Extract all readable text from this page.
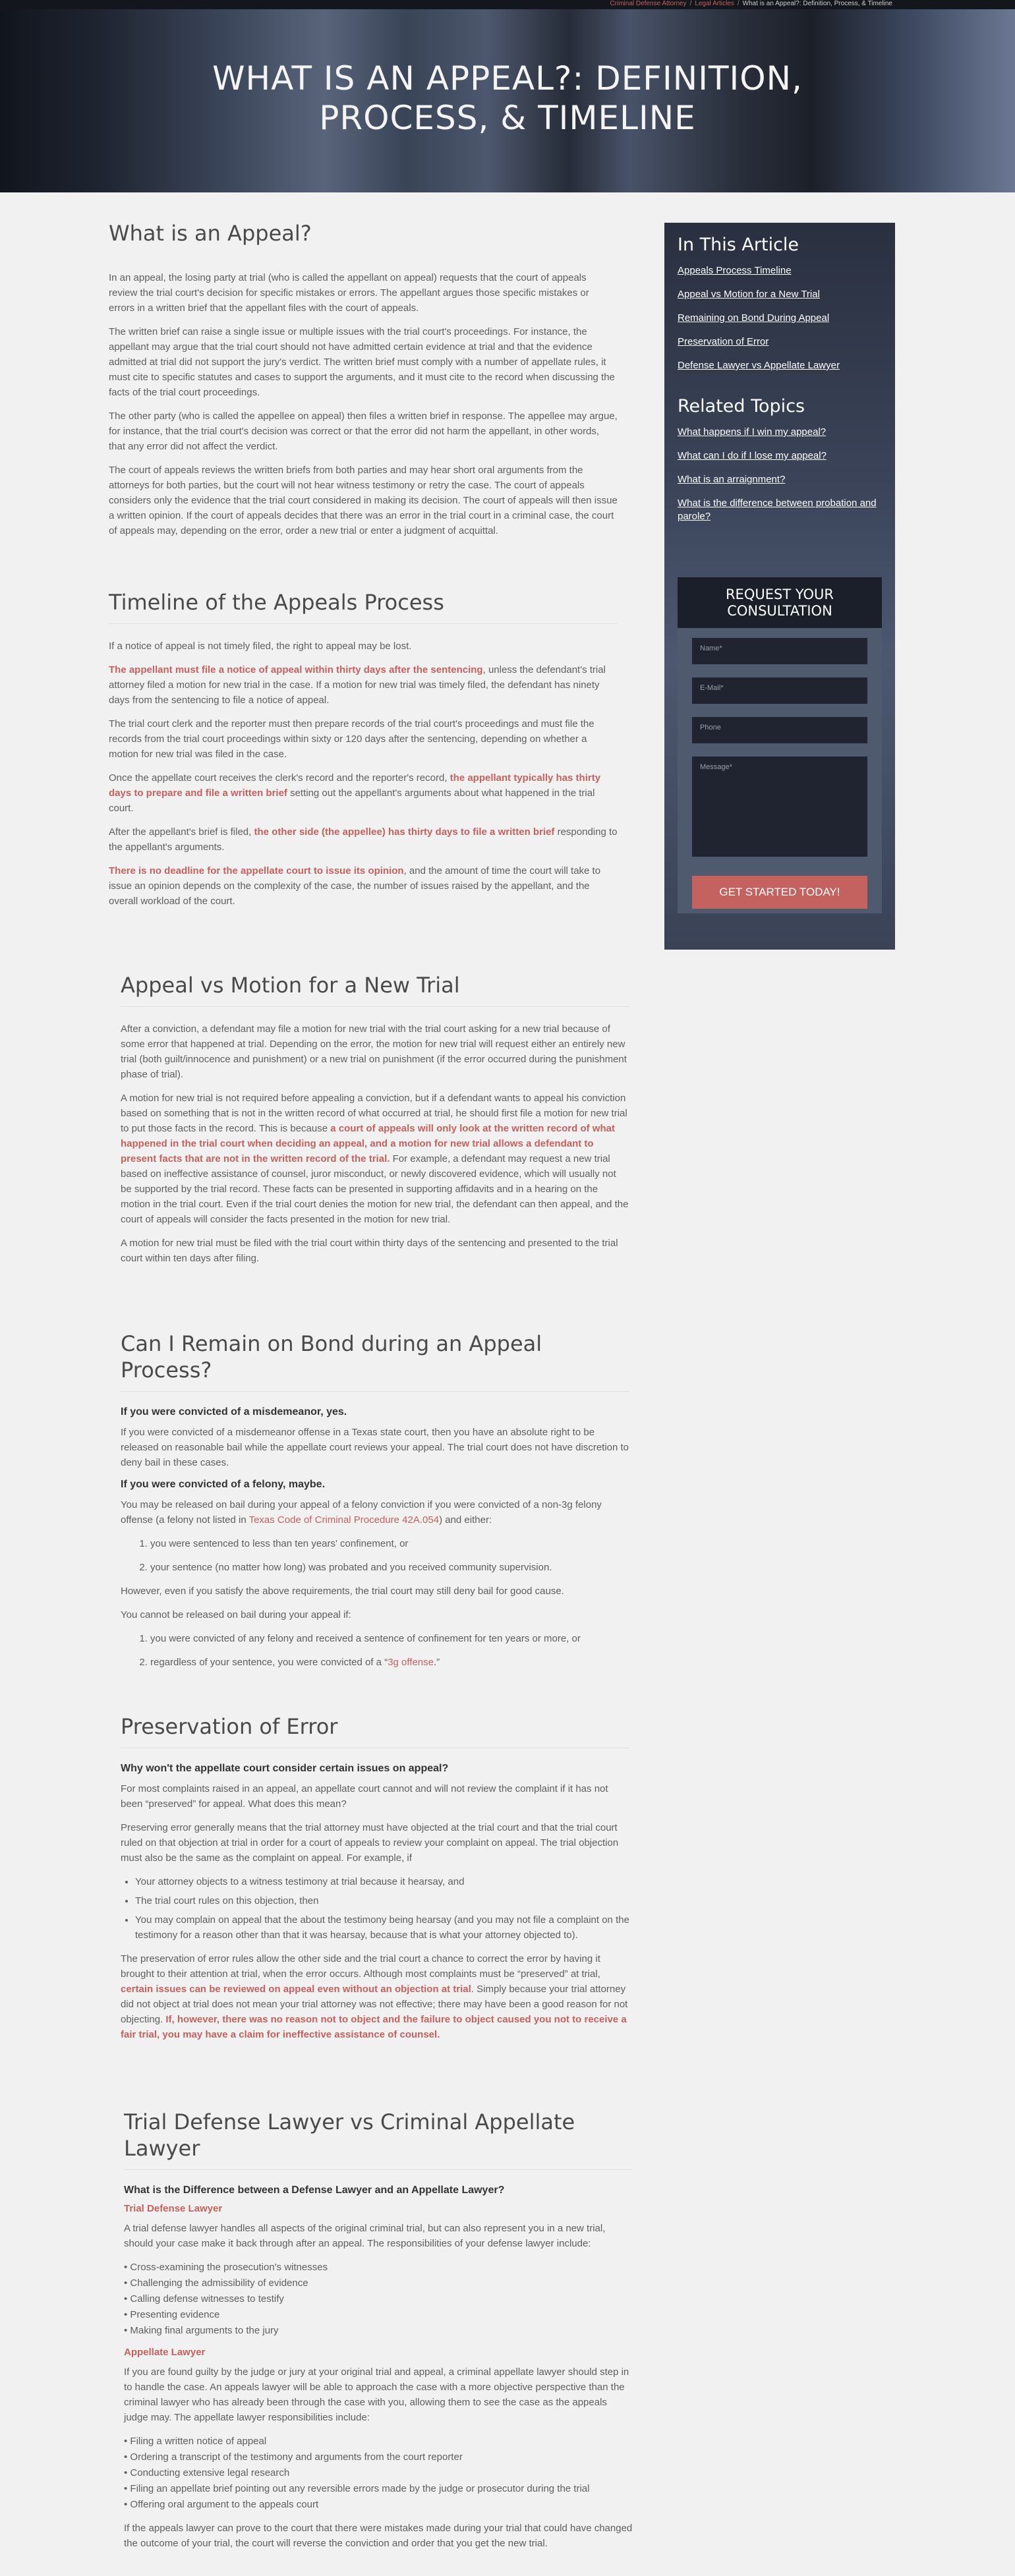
Criminal Defense Attorney / Legal Articles / What is an Appeal?: Definition, Process, & Timeline
WHAT IS AN APPEAL?: DEFINITION,
PROCESS, & TIMELINE
What is an Appeal?

In an appeal, the losing party at trial (who is called the appellant on appeal) requests that the court of appeals review the trial court's decision for specific mistakes or errors. The appellant argues those specific mistakes or errors in a written brief that the appellant files with the court of appeals.

The written brief can raise a single issue or multiple issues with the trial court's proceedings. For instance, the appellant may argue that the trial court should not have admitted certain evidence at trial and that the evidence admitted at trial did not support the jury's verdict. The written brief must comply with a number of appellate rules, it must cite to specific statutes and cases to support the arguments, and it must cite to the record when discussing the facts of the trial court proceedings.

The other party (who is called the appellee on appeal) then files a written brief in response. The appellee may argue, for instance, that the trial court's decision was correct or that the error did not harm the appellant, in other words, that any error did not affect the verdict.

The court of appeals reviews the written briefs from both parties and may hear short oral arguments from the attorneys for both parties, but the court will not hear witness testimony or retry the case. The court of appeals considers only the evidence that the trial court considered in making its decision. The court of appeals will then issue a written opinion. If the court of appeals decides that there was an error in the trial court in a criminal case, the court of appeals may, depending on the error, order a new trial or enter a judgment of acquittal.

Timeline of the Appeals Process

If a notice of appeal is not timely filed, the right to appeal may be lost.

The appellant must file a notice of appeal within thirty days after the sentencing, unless the defendant's trial attorney filed a motion for new trial in the case. If a motion for new trial was timely filed, the defendant has ninety days from the sentencing to file a notice of appeal.

The trial court clerk and the reporter must then prepare records of the trial court's proceedings and must file the records from the trial court proceedings within sixty or 120 days after the sentencing, depending on whether a motion for new trial was filed in the case.

Once the appellate court receives the clerk's record and the reporter's record, the appellant typically has thirty days to prepare and file a written brief setting out the appellant's arguments about what happened in the trial court.

After the appellant's brief is filed, the other side (the appellee) has thirty days to file a written brief responding to the appellant's arguments.

There is no deadline for the appellate court to issue its opinion, and the amount of time the court will take to issue an opinion depends on the complexity of the case, the number of issues raised by the appellant, and the overall workload of the court.

Appeal vs Motion for a New Trial

After a conviction, a defendant may file a motion for new trial with the trial court asking for a new trial because of some error that happened at trial. Depending on the error, the motion for new trial will request either an entirely new trial (both guilt/innocence and punishment) or a new trial on punishment (if the error occurred during the punishment phase of trial).

A motion for new trial is not required before appealing a conviction, but if a defendant wants to appeal his conviction based on something that is not in the written record of what occurred at trial, he should first file a motion for new trial to put those facts in the record. This is because a court of appeals will only look at the written record of what happened in the trial court when deciding an appeal, and a motion for new trial allows a defendant to present facts that are not in the written record of the trial. For example, a defendant may request a new trial based on ineffective assistance of counsel, juror misconduct, or newly discovered evidence, which will usually not be supported by the trial record. These facts can be presented in supporting affidavits and in a hearing on the motion in the trial court. Even if the trial court denies the motion for new trial, the defendant can then appeal, and the court of appeals will consider the facts presented in the motion for new trial.

A motion for new trial must be filed with the trial court within thirty days of the sentencing and presented to the trial court within ten days after filing.

Can I Remain on Bond during an Appeal Process?
If you were convicted of a misdemeanor, yes.

If you were convicted of a misdemeanor offense in a Texas state court, then you have an absolute right to be released on reasonable bail while the appellate court reviews your appeal. The trial court does not have discretion to deny bail in these cases.

If you were convicted of a felony, maybe.

You may be released on bail during your appeal of a felony conviction if you were convicted of a non-3g felony offense (a felony not listed in Texas Code of Criminal Procedure 42A.054) and either:

1. you were sentenced to less than ten years' confinement, or
2. your sentence (no matter how long) was probated and you received community supervision.

However, even if you satisfy the above requirements, the trial court may still deny bail for good cause.

You cannot be released on bail during your appeal if:

1. you were convicted of any felony and received a sentence of confinement for ten years or more, or
2. regardless of your sentence, you were convicted of a “3g offense.”
Preservation of Error
Why won't the appellate court consider certain issues on appeal?

For most complaints raised in an appeal, an appellate court cannot and will not review the complaint if it has not been “preserved” for appeal. What does this mean?

Preserving error generally means that the trial attorney must have objected at the trial court and that the trial court ruled on that objection at trial in order for a court of appeals to review your complaint on appeal. The trial objection must also be the same as the complaint on appeal. For example, if

• Your attorney objects to a witness testimony at trial because it hearsay, and
• The trial court rules on this objection, then
• You may complain on appeal that the about the testimony being hearsay (and you may not file a complaint on the testimony for a reason other than that it was hearsay, because that is what your attorney objected to).

The preservation of error rules allow the other side and the trial court a chance to correct the error by having it brought to their attention at trial, when the error occurs. Although most complaints must be “preserved” at trial, certain issues can be reviewed on appeal even without an objection at trial. Simply because your trial attorney did not object at trial does not mean your trial attorney was not effective; there may have been a good reason for not objecting. If, however, there was no reason not to object and the failure to object caused you not to receive a fair trial, you may have a claim for ineffective assistance of counsel.

Trial Defense Lawyer vs Criminal Appellate Lawyer
What is the Difference between a Defense Lawyer and an Appellate Lawyer?
Trial Defense Lawyer

A trial defense lawyer handles all aspects of the original criminal trial, but can also represent you in a new trial, should your case make it back through after an appeal. The responsibilities of your defense lawyer include:

• Cross-examining the prosecution's witnesses
• Challenging the admissibility of evidence
• Calling defense witnesses to testify
• Presenting evidence
• Making final arguments to the jury
Appellate Lawyer

If you are found guilty by the judge or jury at your original trial and appeal, a criminal appellate lawyer should step in to handle the case. An appeals lawyer will be able to approach the case with a more objective perspective than the criminal lawyer who has already been through the case with you, allowing them to see the case as the appeals judge may. The appellate lawyer responsibilities include:

• Filing a written notice of appeal
• Ordering a transcript of the testimony and arguments from the court reporter
• Conducting extensive legal research
• Filing an appellate brief pointing out any reversible errors made by the judge or prosecutor during the trial
• Offering oral argument to the appeals court

If the appeals lawyer can prove to the court that there were mistakes made during your trial that could have changed the outcome of your trial, the court will reverse the conviction and order that you get the new trial.

In This Article
Appeals Process Timeline
Appeal vs Motion for a New Trial
Remaining on Bond During Appeal
Preservation of Error
Defense Lawyer vs Appellate Lawyer
Related Topics
What happens if I win my appeal?
What can I do if I lose my appeal?
What is an arraignment?
What is the difference between probation and parole?
REQUEST YOUR
CONSULTATION
Name*
E-Mail*
Phone
Message*
GET STARTED TODAY!
